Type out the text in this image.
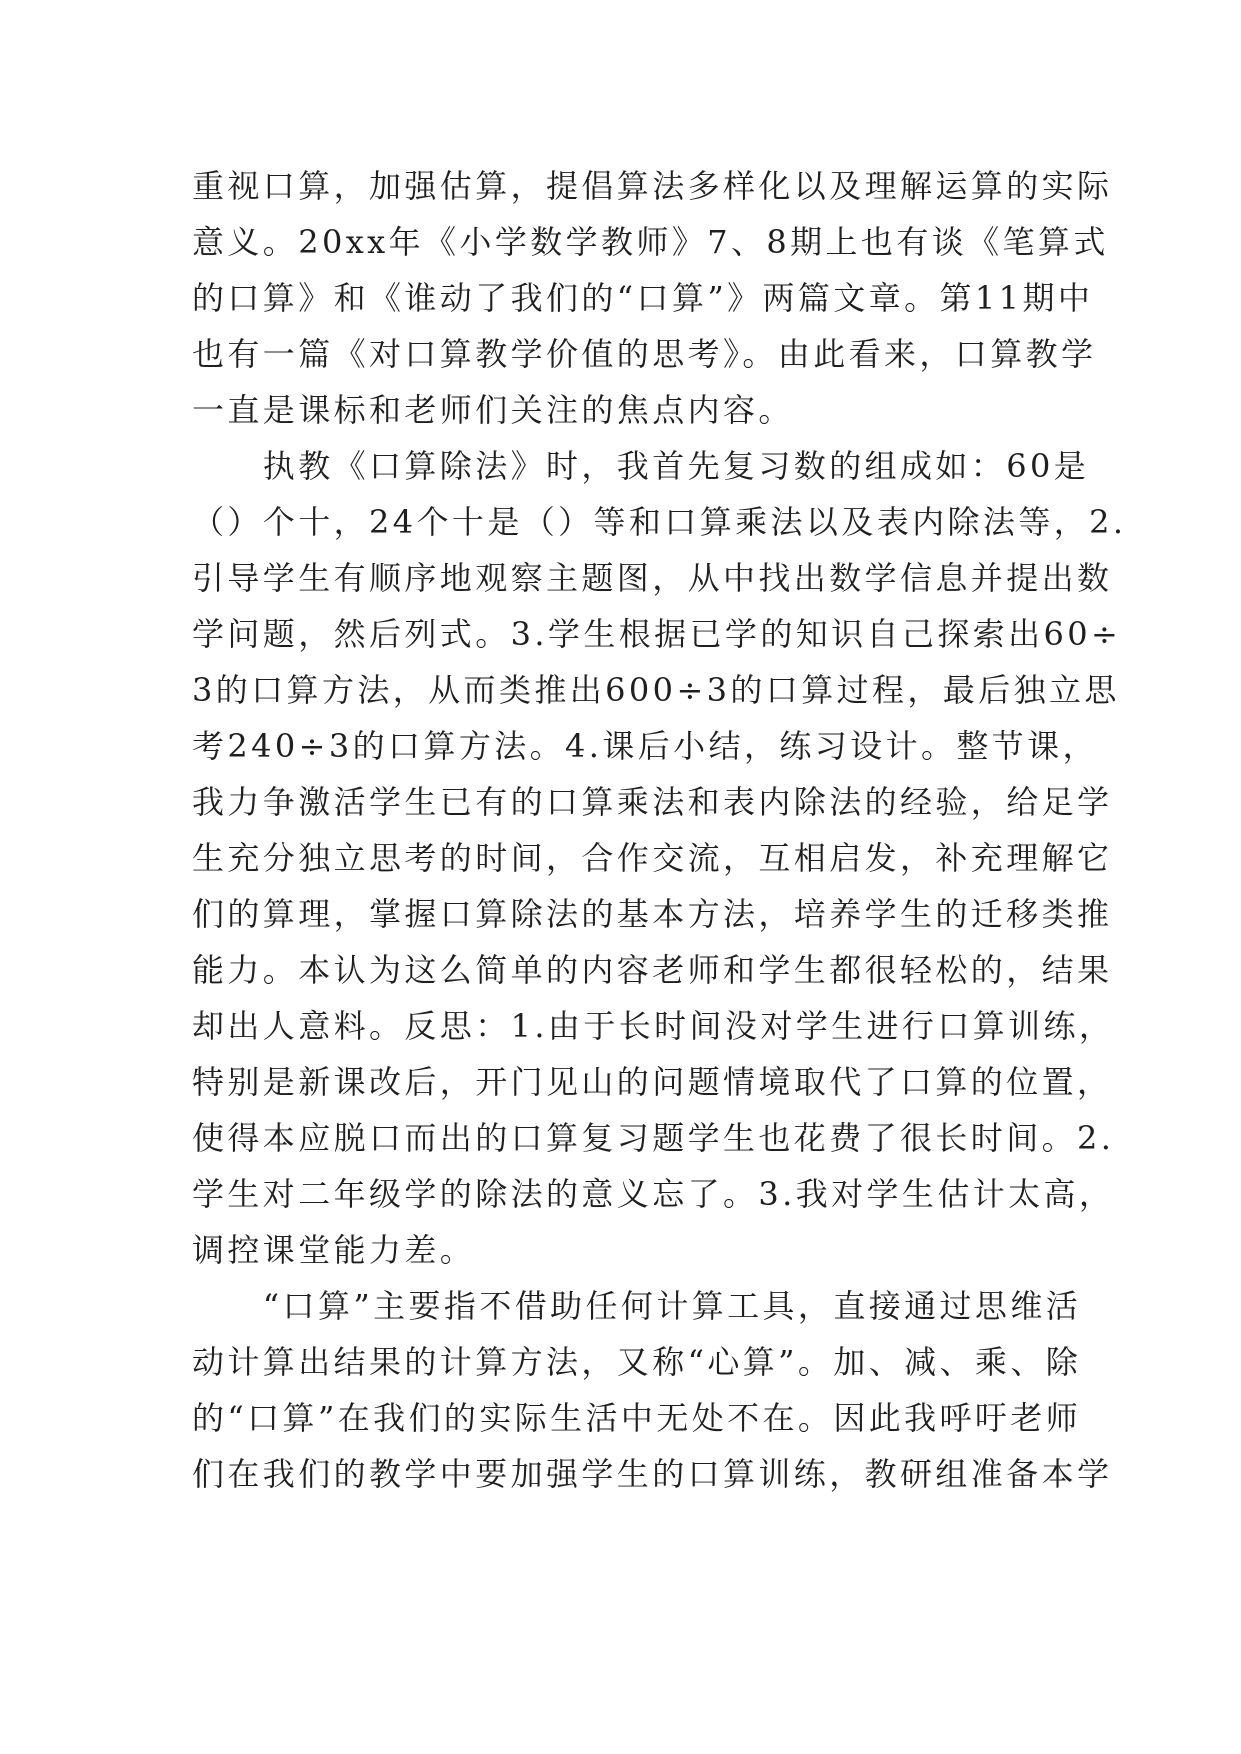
重视口算，加强估算，提倡算法多样化以及理解运算的实际
意义。20xx年《小学数学教师》7、8期上也有谈《笔算式
的口算》和《谁动了我们的“口算”》两篇文章。第11期中
也有一篇《对口算教学价值的思考》。由此看来，口算教学
一直是课标和老师们关注的焦点内容。
　　执教《口算除法》时，我首先复习数的组成如：60是
（）个十，24个十是（）等和口算乘法以及表内除法等，2.
引导学生有顺序地观察主题图，从中找出数学信息并提出数
学问题，然后列式。3.学生根据已学的知识自己探索出60÷
3的口算方法，从而类推出600÷3的口算过程，最后独立思
考240÷3的口算方法。4.课后小结，练习设计。整节课，
我力争激活学生已有的口算乘法和表内除法的经验，给足学
生充分独立思考的时间，合作交流，互相启发，补充理解它
们的算理，掌握口算除法的基本方法，培养学生的迁移类推
能力。本认为这么简单的内容老师和学生都很轻松的，结果
却出人意料。反思：1.由于长时间没对学生进行口算训练，
特别是新课改后，开门见山的问题情境取代了口算的位置，
使得本应脱口而出的口算复习题学生也花费了很长时间。2.
学生对二年级学的除法的意义忘了。3.我对学生估计太高，
调控课堂能力差。
　　“口算”主要指不借助任何计算工具，直接通过思维活
动计算出结果的计算方法，又称“心算”。加、减、乘、除
的“口算”在我们的实际生活中无处不在。因此我呼吁老师
们在我们的教学中要加强学生的口算训练，教研组准备本学
